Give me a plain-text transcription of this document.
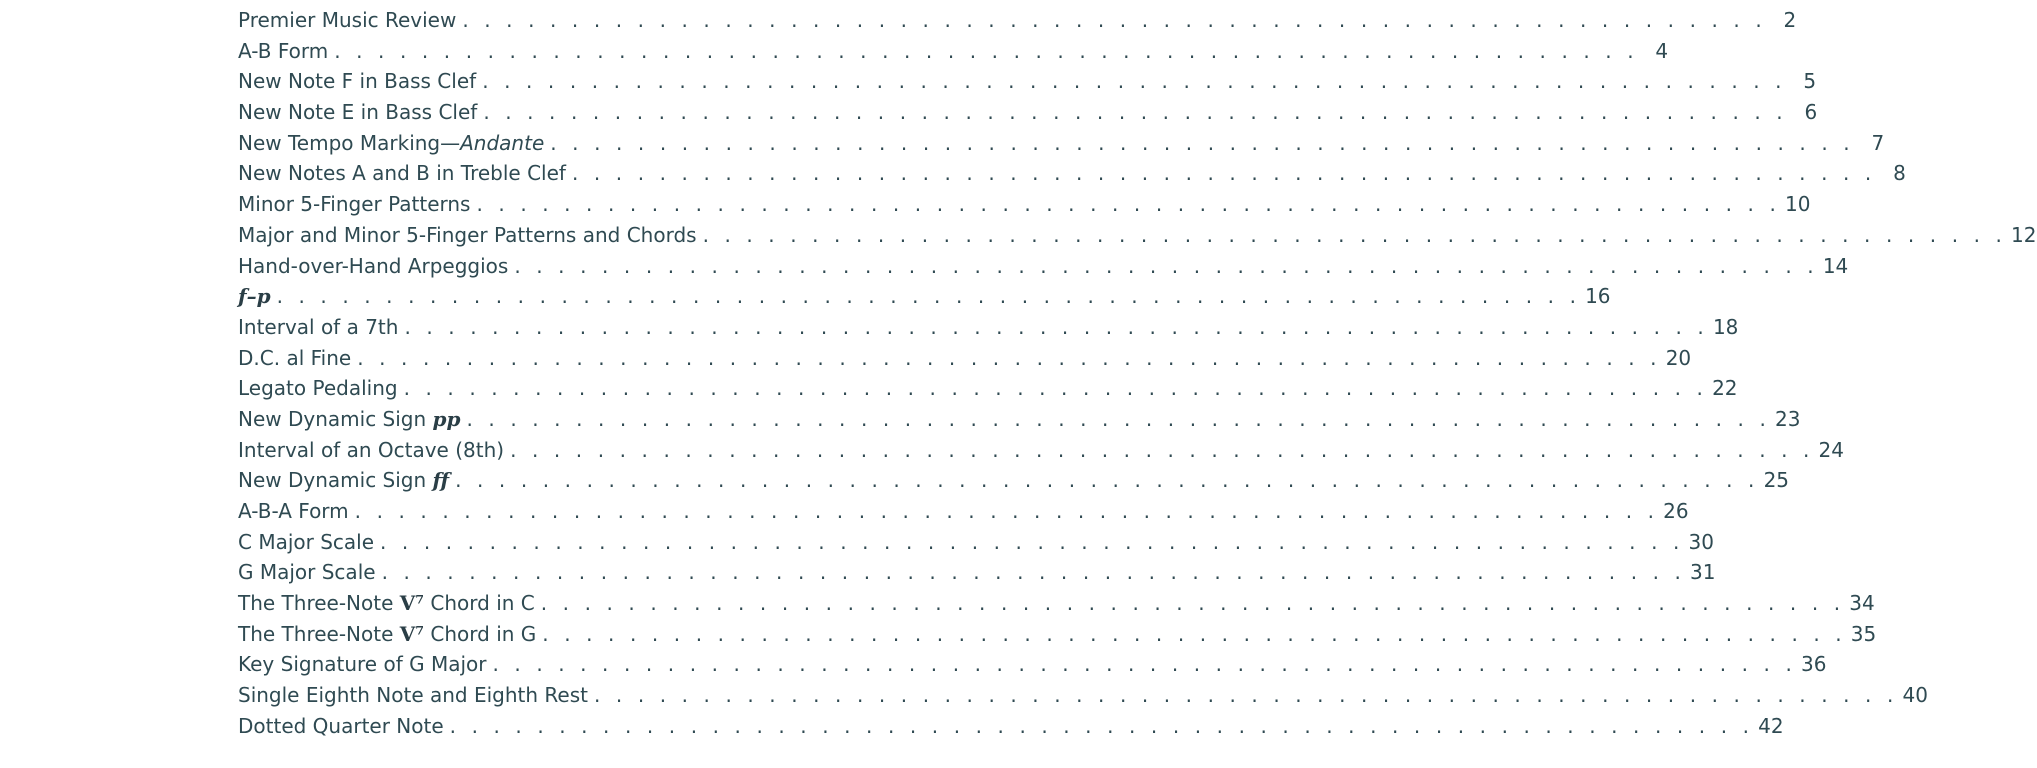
Premier Music Review . . . . . . . . . . . . . . . . . . . . . . . . . . . . . . . . . . . . . . . . . . . . . . . . . . . . . . . . . . . . 2
A-B Form . . . . . . . . . . . . . . . . . . . . . . . . . . . . . . . . . . . . . . . . . . . . . . . . . . . . . . . . . . . . 4
New Note F in Bass Clef . . . . . . . . . . . . . . . . . . . . . . . . . . . . . . . . . . . . . . . . . . . . . . . . . . . . . . . . . . . . 5
New Note E in Bass Clef . . . . . . . . . . . . . . . . . . . . . . . . . . . . . . . . . . . . . . . . . . . . . . . . . . . . . . . . . . . . 6
New Tempo Marking—Andante . . . . . . . . . . . . . . . . . . . . . . . . . . . . . . . . . . . . . . . . . . . . . . . . . . . . . . . . . . . . 7
New Notes A and B in Treble Clef . . . . . . . . . . . . . . . . . . . . . . . . . . . . . . . . . . . . . . . . . . . . . . . . . . . . . . . . . . . . 8
Minor 5-Finger Patterns . . . . . . . . . . . . . . . . . . . . . . . . . . . . . . . . . . . . . . . . . . . . . . . . . . . . . . . . . . . . 10
Major and Minor 5-Finger Patterns and Chords . . . . . . . . . . . . . . . . . . . . . . . . . . . . . . . . . . . . . . . . . . . . . . . . . . . . . . . . . . . . 12
Hand-over-Hand Arpeggios . . . . . . . . . . . . . . . . . . . . . . . . . . . . . . . . . . . . . . . . . . . . . . . . . . . . . . . . . . . . 14
f–p . . . . . . . . . . . . . . . . . . . . . . . . . . . . . . . . . . . . . . . . . . . . . . . . . . . . . . . . . . . . 16
Interval of a 7th . . . . . . . . . . . . . . . . . . . . . . . . . . . . . . . . . . . . . . . . . . . . . . . . . . . . . . . . . . . . 18
D.C. al Fine . . . . . . . . . . . . . . . . . . . . . . . . . . . . . . . . . . . . . . . . . . . . . . . . . . . . . . . . . . . . 20
Legato Pedaling . . . . . . . . . . . . . . . . . . . . . . . . . . . . . . . . . . . . . . . . . . . . . . . . . . . . . . . . . . . . 22
New Dynamic Sign pp . . . . . . . . . . . . . . . . . . . . . . . . . . . . . . . . . . . . . . . . . . . . . . . . . . . . . . . . . . . . 23
Interval of an Octave (8th) . . . . . . . . . . . . . . . . . . . . . . . . . . . . . . . . . . . . . . . . . . . . . . . . . . . . . . . . . . . . 24
New Dynamic Sign ff . . . . . . . . . . . . . . . . . . . . . . . . . . . . . . . . . . . . . . . . . . . . . . . . . . . . . . . . . . . . 25
A-B-A Form . . . . . . . . . . . . . . . . . . . . . . . . . . . . . . . . . . . . . . . . . . . . . . . . . . . . . . . . . . . . 26
C Major Scale . . . . . . . . . . . . . . . . . . . . . . . . . . . . . . . . . . . . . . . . . . . . . . . . . . . . . . . . . . . . 30
G Major Scale . . . . . . . . . . . . . . . . . . . . . . . . . . . . . . . . . . . . . . . . . . . . . . . . . . . . . . . . . . . . 31
The Three-Note V⁷ Chord in C . . . . . . . . . . . . . . . . . . . . . . . . . . . . . . . . . . . . . . . . . . . . . . . . . . . . . . . . . . . . 34
The Three-Note V⁷ Chord in G . . . . . . . . . . . . . . . . . . . . . . . . . . . . . . . . . . . . . . . . . . . . . . . . . . . . . . . . . . . . 35
Key Signature of G Major . . . . . . . . . . . . . . . . . . . . . . . . . . . . . . . . . . . . . . . . . . . . . . . . . . . . . . . . . . . . 36
Single Eighth Note and Eighth Rest . . . . . . . . . . . . . . . . . . . . . . . . . . . . . . . . . . . . . . . . . . . . . . . . . . . . . . . . . . . . 40
Dotted Quarter Note . . . . . . . . . . . . . . . . . . . . . . . . . . . . . . . . . . . . . . . . . . . . . . . . . . . . . . . . . . . . 42
